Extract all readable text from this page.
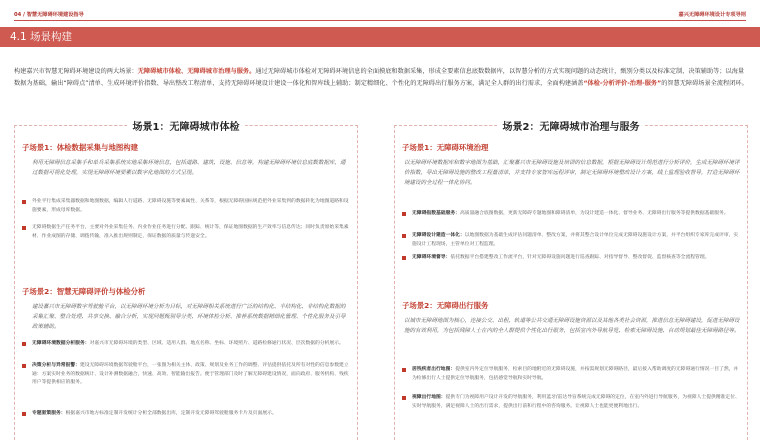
04 / 智慧无障碍环境建设指导	嘉兴无障碍环境设计专项导则
4.1 场景构建
构建嘉兴市智慧无障碍环境建设的两大场景：无障碍城市体检、无障碍城市治理与服务。通过无障碍城市体检对无障碍环境信息的全面摸底和数据采集，形成全要素信息底数数据库，以智慧分析的方式实现问题的动态统计，甄别分类以及标准定制、决策辅助等；以海量数据为基础，输出“障碍点”清单、生成环境评价指数、导出整改工程清单，支持无障碍环境设计建设一体化和智库线上辅助；制定精细化、个性化的无障碍出行服务方案，满足全人群的出行需求，全面构建涵盖“体检-分析评价-治理-服务”的智慧无障碍场景全流程闭环。
场景1：无障碍城市体检
子场景1：体检数据采集与地图构建
利用无障碍信息采集手和单兵采集系统实地采集环境信息，包括道路、建筑、设施、信息等，构建无障碍环境信息底数数据库，通过数据可视化处理，实现无障碍环境要素以数字化地图的方式呈现。
外业平行集成采集器数据和地图数据，编辑人行道路、无障碍设施等要素属性、关系等，根据无障碍国标规范把外业采集到的数据转化为地图道路和设施要素，形成母库数据。
无障碍数据生产任务平台，主要对外业采集任务、内业作业任务进行分配、跟踪、统计等，保证地图数据的生产效率与信息传达；同时负责原始采集素材、作业成图的存储、调拨传输，准入推出规则制定，保证数据的质量与传递安全。
子场景2：智慧无障碍评价与体检分析
建设嘉兴市无障碍数字驾驶舱平台，以无障碍环境分析为目标，对无障碍相关系统进行广泛的结构化、半结构化、非结构化数据的采集汇聚、整合处理、共享交换、融合分析，实现问题甄别导分类、环境体检分析、推荐系统数据精细化管理、个性化服务及引导政策辅助。
无障碍环境数据分析服务：对嘉兴市无障碍环境的类型、区域、适用人群、地点名称、坐标、环境照片、道路检修通行状况、层次数据的分析展示。
决策分析与异常报警：建设无障碍环境数据驾驶舱平台，一张图为相关主体、政策、规划及业务工作的调整、评估提供依托及所有对性的信息参数建立通：方案实时业务的数据统计、设计补测数据融合，快速、高效、智能输出报告。便于管理部门及时了解无障碍建设情况，面向政府、服务机构、残疾用户等提供相应的服务。
专题驱策服务：根据嘉兴市地方标准定制开发统计分析全部数据出库，定制开发无障碍驾驶舱服务卡片及页面展示。
场景2：无障碍城市治理与服务
子场景1：无障碍环境治理
以无障碍环境数据库和数字地图为基础，汇聚嘉兴市无障碍设施及培训的信息数据，根据无障碍设计规范进行分析评价，生成无障碍环境评价指数，导出无障碍设施的整改工程量清单，并支持专家智库远程评审，制定无障碍环境整改设计方案，线上监理验收督导，打造无障碍环境建设的全过程一体化协同。
无障碍指数基础服务：高质量融合底图数据，更新无障碍专题地图和障碍清单，为设计建造一体化、督导业务、无障碍出行服务等提供数据基础服务。
无障碍设计建造一体化：以地图数据为基础生成评估问题清单、整改方案，并将其整合设计单位完成无障碍设施设计方案，并平台组织专家库完成评审，实施设计工程现场，主管单位对工程监理。
无障碍环境督导：依托数据平台搭建整改工作流平台，针对无障碍设施问题进行巡查跟踪、对指导督导、整改督促、监督核查等全流程管理。
子场景2：无障碍出行服务
以城市无障碍地图为核心，连接公交、出租、轨道等公共交通无障碍设施资源以及其他各类社会资源，推进信息无障碍建设，促进无障碍设施的有效利用，为包括残障人士在内的全人群提供个性化出行服务，包括室内外导航导览、检索无障碍设施、自动规划最佳无障碍路径等。
居残疾者出行地图：提供室内外定位导航服务，检索目的地附近的无障碍设施，并按需规划无障碍路径，最后接入帮助调度的无障碍通行情况一目了然，并为检修出行人士提供定位导航服务，包括感觉导航和实时导航。
视障出行地图：提供专门为视障用户设计开发的导航服务，利用蓝牙/雷达导盲系统完成无障碍的定位，在室内外进行导航服务，为视障人士提供精准定位、实时导航服务，满足视障人士的出行需求，提供出行前和行程中的咨询服务。让视障人士也能更便利地出行。
